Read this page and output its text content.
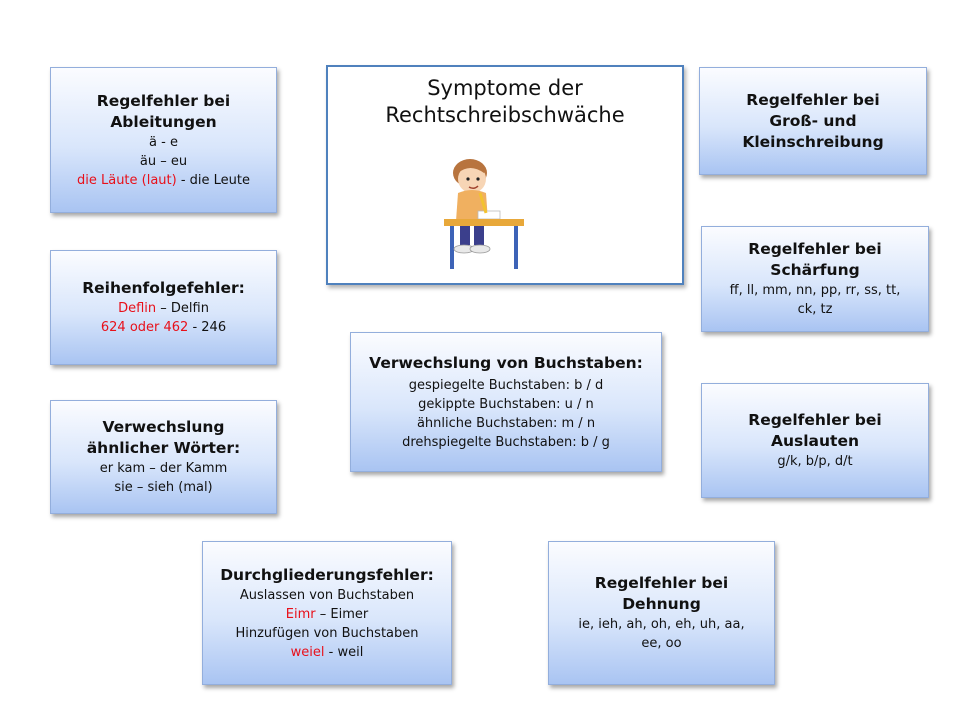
Symptome der
Rechtschreibschwäche
Regelfehler bei
Ableitungen
ä - e
äu – eu
die Läute (laut) - die Leute
Reihenfolgefehler:
Deflin – Delfin
624 oder 462 - 246
Verwechslung
ähnlicher Wörter:
er kam – der Kamm
sie – sieh (mal)
Verwechslung von Buchstaben:
gespiegelte Buchstaben: b / d
gekippte Buchstaben: u / n
ähnliche Buchstaben: m / n
drehspiegelte Buchstaben: b / g
Durchgliederungsfehler:
Auslassen von Buchstaben
Eimr – Eimer
Hinzufügen von Buchstaben
weiel - weil
Regelfehler bei
Dehnung
ie, ieh, ah, oh, eh, uh, aa,
ee, oo
Regelfehler bei
Groß- und
Kleinschreibung
Regelfehler bei
Schärfung
ff, ll, mm, nn, pp, rr, ss, tt,
ck, tz
Regelfehler bei
Auslauten
g/k, b/p, d/t
